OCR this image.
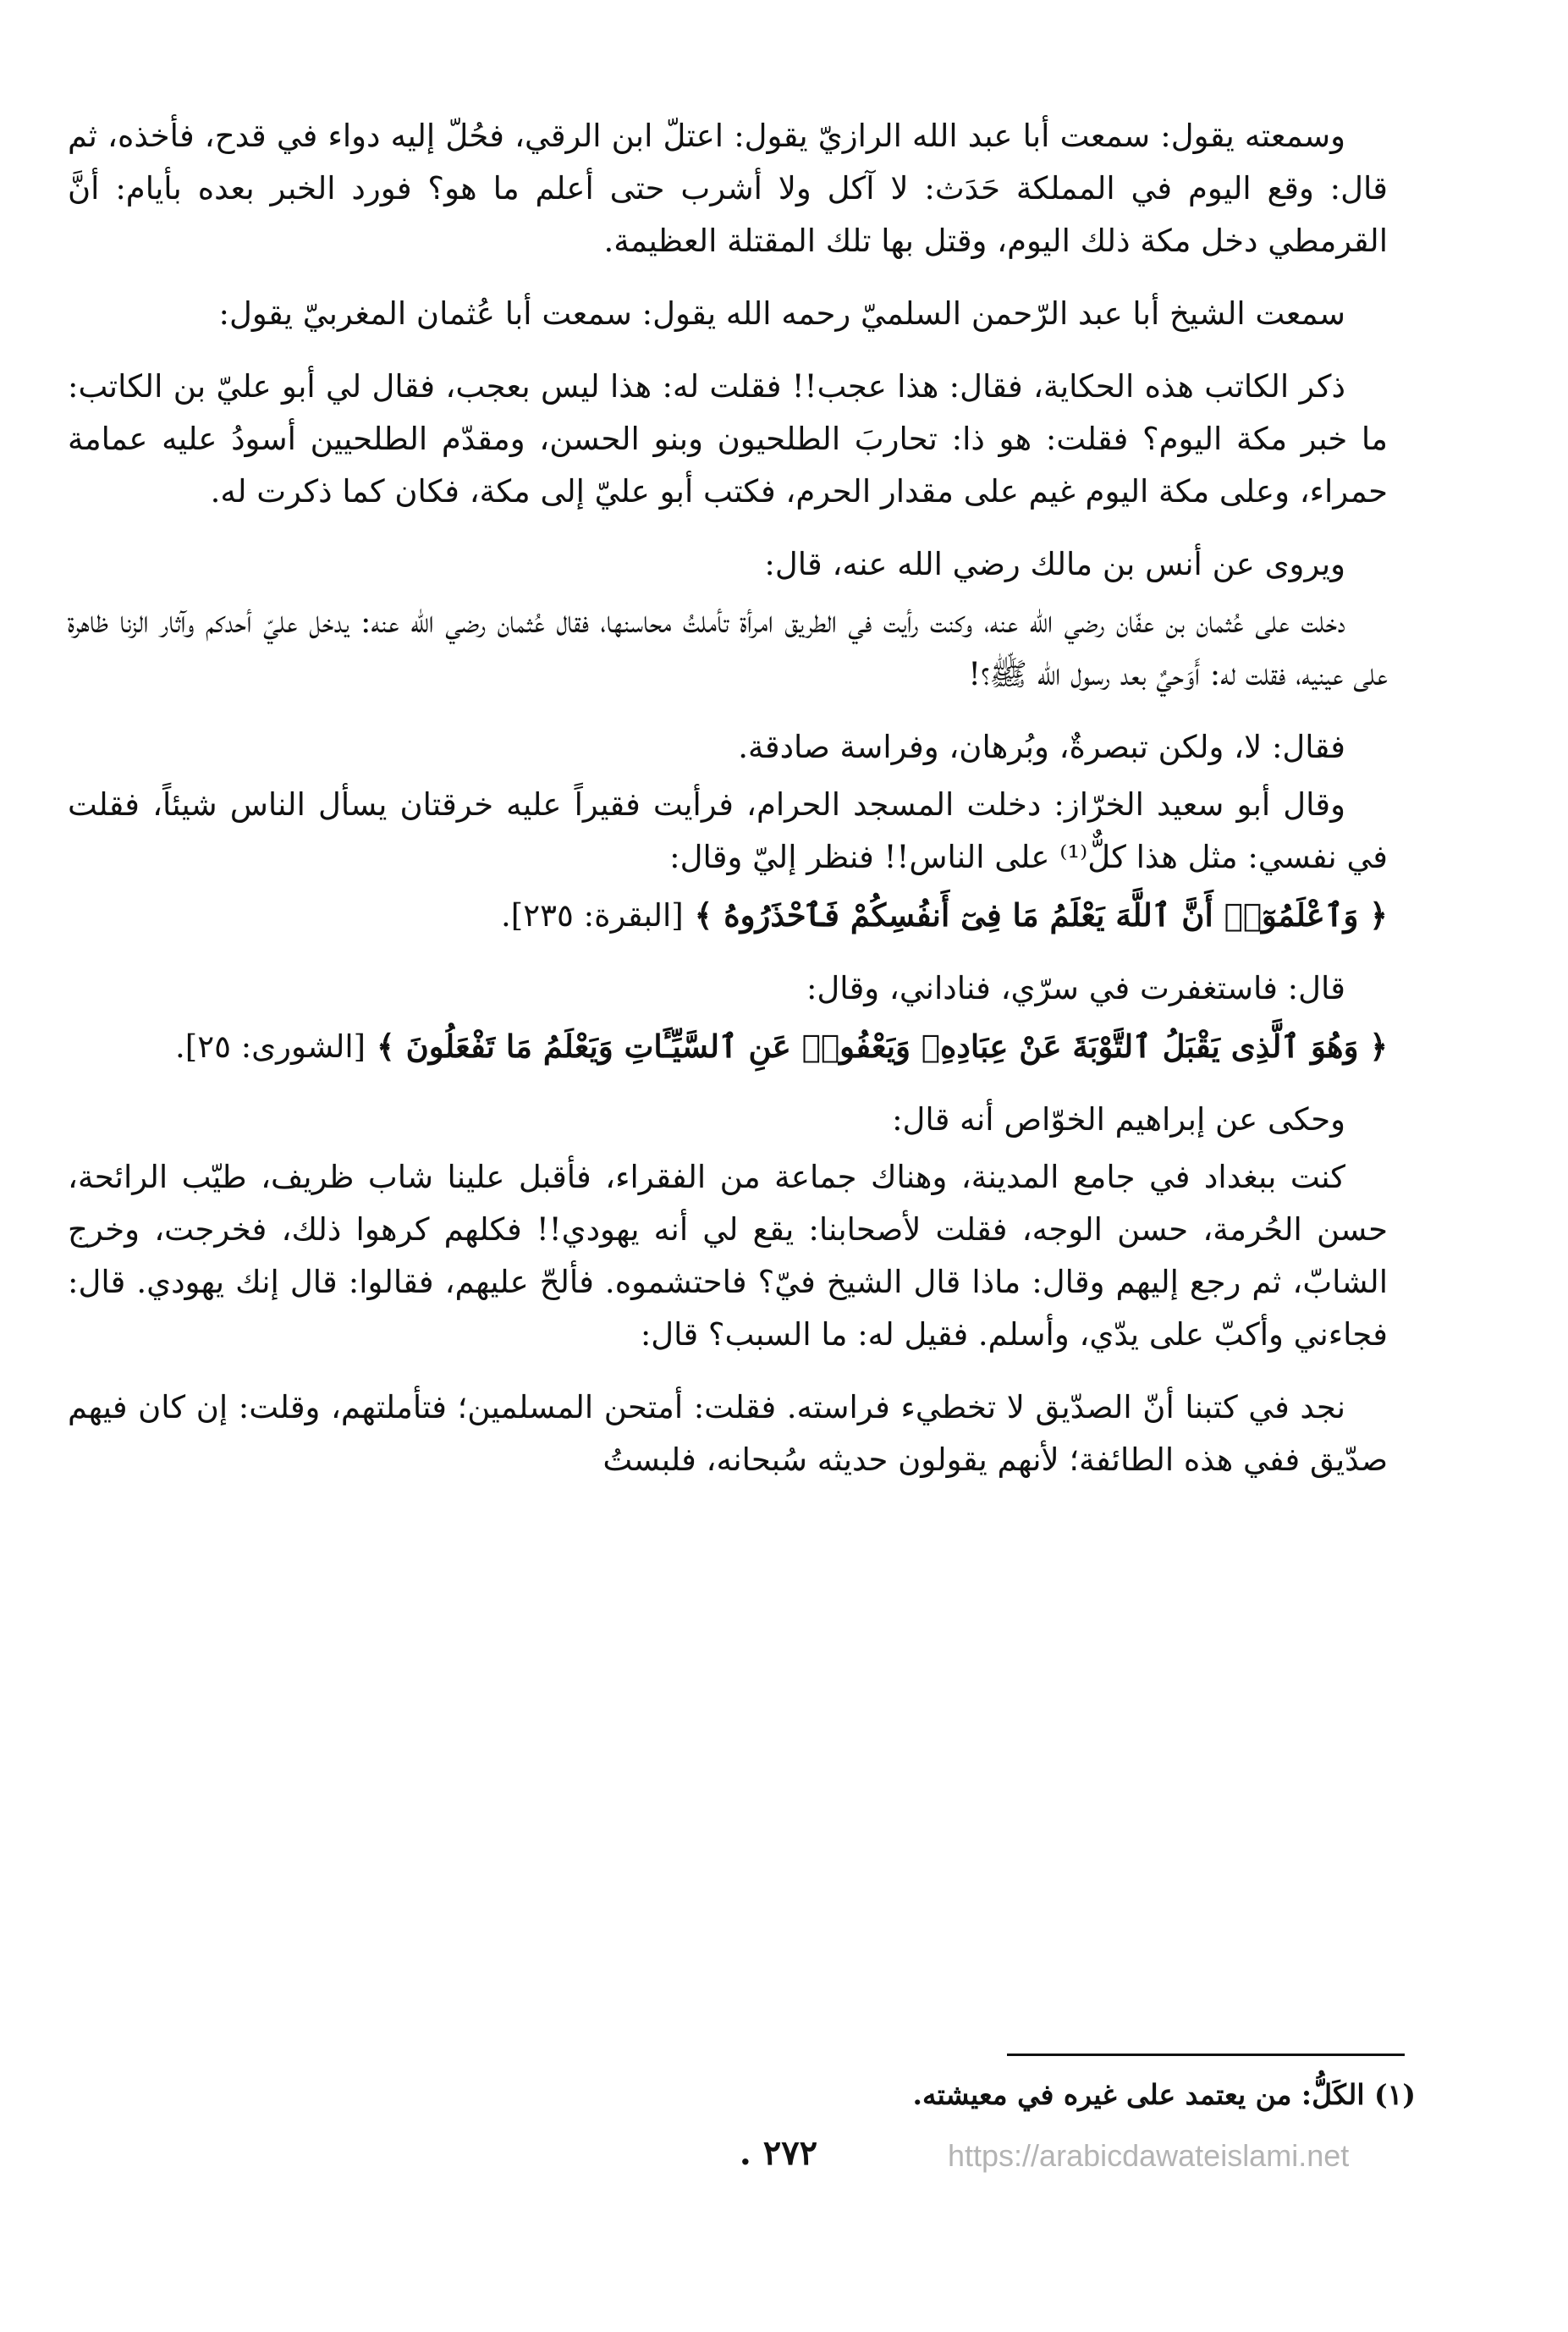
وسمعته يقول: سمعت أبا عبد الله الرازيّ يقول: اعتلّ ابن الرقي، فحُلّ إليه دواء في قدح، فأخذه، ثم قال: وقع اليوم في المملكة حَدَث: لا آكل ولا أشرب حتى أعلم ما هو؟ فورد الخبر بعده بأيام: أنَّ القرمطي دخل مكة ذلك اليوم، وقتل بها تلك المقتلة العظيمة.

سمعت الشيخ أبا عبد الرّحمن السلميّ رحمه الله يقول: سمعت أبا عُثمان المغربيّ يقول:

ذكر الكاتب هذه الحكاية، فقال: هذا عجب!! فقلت له: هذا ليس بعجب، فقال لي أبو عليّ بن الكاتب: ما خبر مكة اليوم؟ فقلت: هو ذا: تحاربَ الطلحيون وبنو الحسن، ومقدّم الطلحيين أسودُ عليه عمامة حمراء، وعلى مكة اليوم غيم على مقدار الحرم، فكتب أبو عليّ إلى مكة، فكان كما ذكرت له.

ويروى عن أنس بن مالك رضي الله عنه، قال:

دخلت على عُثمان بن عفّان رضي الله عنه، وكنت رأيت في الطريق امرأة تأملتُ محاسنها، فقال عُثمان رضي الله عنه: يدخل عليّ أحدكم وآثار الزنا ظاهرة على عينيه، فقلت له: أَوَحيٌ بعد رسول الله ﷺ؟!

فقال: لا، ولكن تبصرةٌ، وبُرهان، وفراسة صادقة.

وقال أبو سعيد الخرّاز: دخلت المسجد الحرام، فرأيت فقيراً عليه خرقتان يسأل الناس شيئاً، فقلت في نفسي: مثل هذا كلٌّ⁽¹⁾ على الناس!! فنظر إليّ وقال:

﴿ وَٱعْلَمُوٓا۟ أَنَّ ٱللَّهَ يَعْلَمُ مَا فِىٓ أَنفُسِكُمْ فَٱحْذَرُوهُ ﴾ [البقرة: ٢٣٥].

قال: فاستغفرت في سرّي، فناداني، وقال:

﴿ وَهُوَ ٱلَّذِى يَقْبَلُ ٱلتَّوْبَةَ عَنْ عِبَادِهِۦ وَيَعْفُوا۟ عَنِ ٱلسَّيِّـَٔاتِ وَيَعْلَمُ مَا تَفْعَلُونَ ﴾ [الشورى: ٢٥].

وحكى عن إبراهيم الخوّاص أنه قال:

كنت ببغداد في جامع المدينة، وهناك جماعة من الفقراء، فأقبل علينا شاب ظريف، طيّب الرائحة، حسن الحُرمة، حسن الوجه، فقلت لأصحابنا: يقع لي أنه يهودي!! فكلهم كرهوا ذلك، فخرجت، وخرج الشابّ، ثم رجع إليهم وقال: ماذا قال الشيخ فيّ؟ فاحتشموه. فألحّ عليهم، فقالوا: قال إنك يهودي. قال: فجاءني وأكبّ على يدّي، وأسلم. فقيل له: ما السبب؟ قال:

نجد في كتبنا أنّ الصدّيق لا تخطيء فراسته. فقلت: أمتحن المسلمين؛ فتأملتهم، وقلت: إن كان فيهم صدّيق ففي هذه الطائفة؛ لأنهم يقولون حديثه سُبحانه، فلبستُ

(١) الكَلُّ: من يعتمد على غيره في معيشته.
٢٧٢ .	https://arabicdawateislami.net
